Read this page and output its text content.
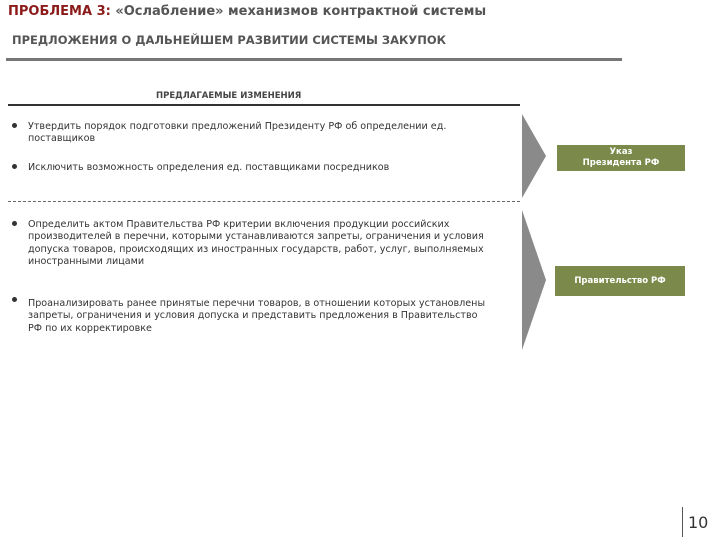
ПРОБЛЕМА 3: «Ослабление» механизмов контрактной системы
ПРЕДЛОЖЕНИЯ О ДАЛЬНЕЙШЕМ РАЗВИТИИ СИСТЕМЫ ЗАКУПОК
ПРЕДЛАГАЕМЫЕ ИЗМЕНЕНИЯ
Утвердить порядок подготовки предложений Президенту РФ об определении ед. поставщиков
Исключить возможность определения ед. поставщиками посредников
Указ Президента РФ
Определить актом Правительства РФ критерии включения продукции российских производителей в перечни, которыми устанавливаются запреты, ограничения и условия допуска товаров, происходящих из иностранных государств, работ, услуг, выполняемых иностранными лицами
Проанализировать ранее принятые перечни товаров, в отношении которых установлены запреты, ограничения и условия допуска и представить предложения в Правительство РФ по их корректировке
Правительство РФ
10
